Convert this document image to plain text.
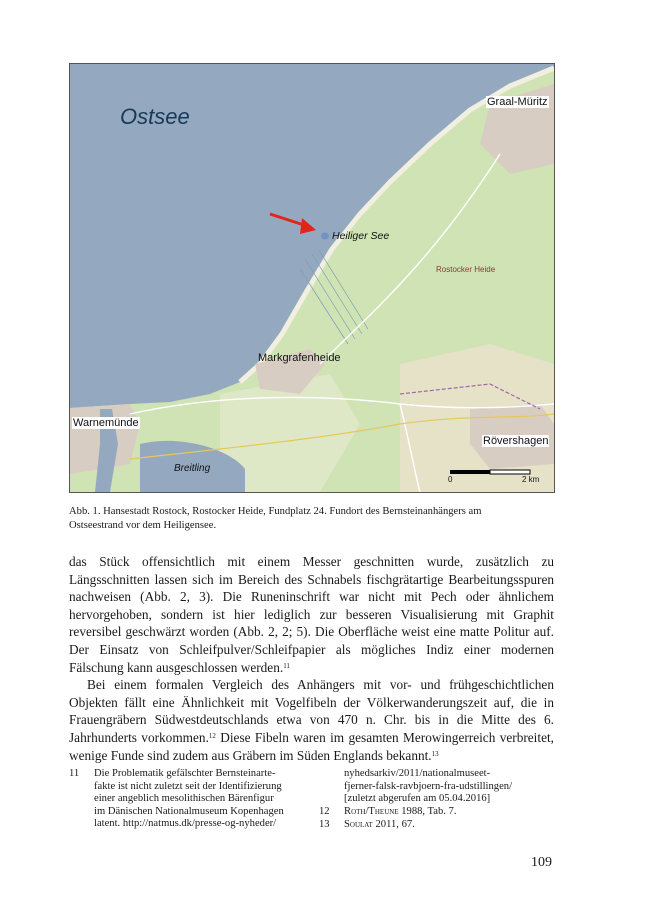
Ostsee
Graal-Müritz
Heiliger See
Rostocker Heide
Markgrafenheide
Warnemünde
Rövershagen
Breitling
0	2 km
Abb. 1. Hansestadt Rostock, Rostocker Heide, Fundplatz 24. Fundort des Bernsteinanhängers am
Ostseestrand vor dem Heiligensee.

das Stück offensichtlich mit einem Messer geschnitten wurde, zusätzlich zu Längsschnitten lassen sich im Bereich des Schnabels fischgrätartige Bearbeitungsspuren nachweisen (Abb. 2, 3). Die Runeninschrift war nicht mit Pech oder ähnlichem hervorgehoben, sondern ist hier lediglich zur besseren Visualisierung mit Graphit reversibel geschwärzt worden (Abb. 2, 2; 5). Die Oberfläche weist eine matte Politur auf. Der Einsatz von Schleifpulver/Schleifpapier als mögliches Indiz einer modernen Fälschung kann ausgeschlossen werden.$^{11}$

Bei einem formalen Vergleich des Anhängers mit vor- und frühgeschichtlichen Objekten fällt eine Ähnlichkeit mit Vogelfibeln der Völkerwanderungszeit auf, die in Frauengräbern Südwestdeutschlands etwa von 470 n. Chr. bis in die Mitte des 6. Jahrhunderts vorkommen.$^{12}$ Diese Fibeln waren im gesamten Merowingerreich verbreitet, wenige Funde sind zudem aus Gräbern im Süden Englands bekannt.$^{13}$

11 Die Problematik gefälschter Bernsteinarte-
fakte ist nicht zuletzt seit der Identifizierung
einer angeblich mesolithischen Bärenfigur
im Dänischen Nationalmuseum Kopenhagen
latent. http://natmus.dk/presse-og-nyheder/
nyhedsarkiv/2011/nationalmuseet-
fjerner-falsk-ravbjoern-fra-udstillingen/
[zuletzt abgerufen am 05.04.2016]
12 Roth/Theune 1988, Tab. 7.
13 Soulat 2011, 67.
109
